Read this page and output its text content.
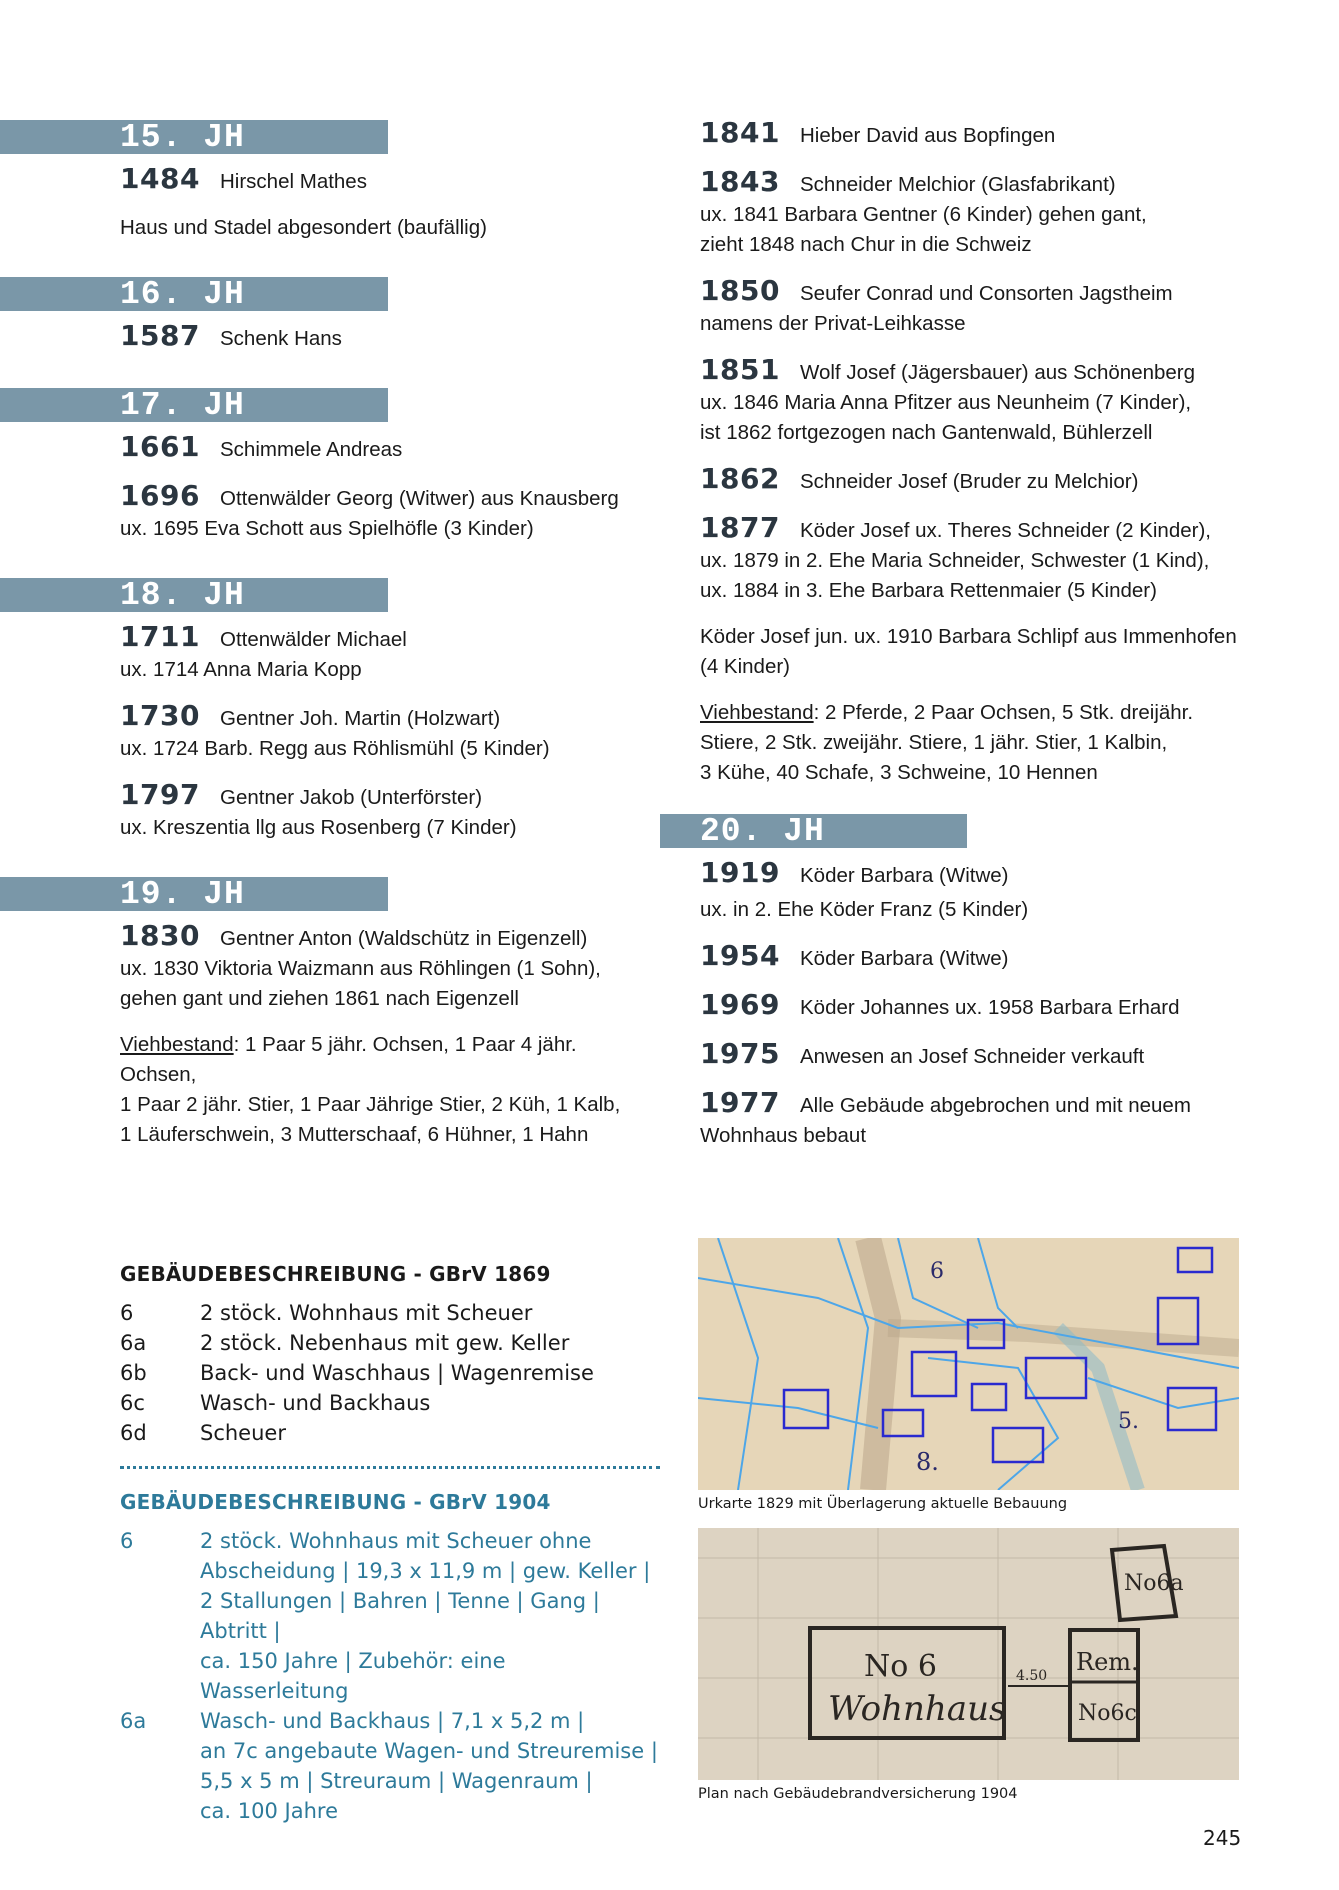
15. JH
1484 Hirschel Mathes
Haus und Stadel abgesondert (baufällig)
16. JH
1587 Schenk Hans
17. JH
1661 Schimmele Andreas
1696 Ottenwälder Georg (Witwer) aus Knausberg
ux. 1695 Eva Schott aus Spielhöfle (3 Kinder)
18. JH
1711 Ottenwälder Michael
ux. 1714 Anna Maria Kopp
1730 Gentner Joh. Martin (Holzwart)
ux. 1724 Barb. Regg aus Röhlismühl (5 Kinder)
1797 Gentner Jakob (Unterförster)
ux. Kreszentia llg aus Rosenberg (7 Kinder)
19. JH
1830 Gentner Anton (Waldschütz in Eigenzell)
ux. 1830 Viktoria Waizmann aus Röhlingen (1 Sohn),
gehen gant und ziehen 1861 nach Eigenzell
Viehbestand: 1 Paar 5 jähr. Ochsen, 1 Paar 4 jähr. Ochsen,
1 Paar 2 jähr. Stier, 1 Paar Jährige Stier, 2 Küh, 1 Kalb,
1 Läuferschwein, 3 Mutterschaaf, 6 Hühner, 1 Hahn
1841 Hieber David aus Bopfingen
1843 Schneider Melchior (Glasfabrikant)
ux. 1841 Barbara Gentner (6 Kinder) gehen gant,
zieht 1848 nach Chur in die Schweiz
1850 Seufer Conrad und Consorten Jagstheim
namens der Privat-Leihkasse
1851 Wolf Josef (Jägersbauer) aus Schönenberg
ux. 1846 Maria Anna Pfitzer aus Neunheim (7 Kinder),
ist 1862 fortgezogen nach Gantenwald, Bühlerzell
1862 Schneider Josef (Bruder zu Melchior)
1877 Köder Josef ux. Theres Schneider (2 Kinder),
ux. 1879 in 2. Ehe Maria Schneider, Schwester (1 Kind),
ux. 1884 in 3. Ehe Barbara Rettenmaier (5 Kinder)
Köder Josef jun. ux. 1910 Barbara Schlipf aus Immenhofen
(4 Kinder)
Viehbestand: 2 Pferde, 2 Paar Ochsen, 5 Stk. dreijähr.
Stiere, 2 Stk. zweijähr. Stiere, 1 jähr. Stier, 1 Kalbin,
3 Kühe, 40 Schafe, 3 Schweine, 10 Hennen
20. JH
1919 Köder Barbara (Witwe)
ux. in 2. Ehe Köder Franz (5 Kinder)
1954 Köder Barbara (Witwe)
1969 Köder Johannes ux. 1958 Barbara Erhard
1975 Anwesen an Josef Schneider verkauft
1977 Alle Gebäude abgebrochen und mit neuem
Wohnhaus bebaut
GEBÄUDEBESCHREIBUNG - GBrV 1869
6	2 stöck. Wohnhaus mit Scheuer
6a	2 stöck. Nebenhaus mit gew. Keller
6b	Back- und Waschhaus | Wagenremise
6c	Wasch- und Backhaus
6d	Scheuer
GEBÄUDEBESCHREIBUNG - GBrV 1904
6	2 stöck. Wohnhaus mit Scheuer ohne
Abscheidung | 19,3 x 11,9 m | gew. Keller |
2 Stallungen | Bahren | Tenne | Gang | Abtritt |
ca. 150 Jahre | Zubehör: eine Wasserleitung
6a	Wasch- und Backhaus | 7,1 x 5,2 m |
an 7c angebaute Wagen- und Streuremise |
5,5 x 5 m | Streuraum | Wagenraum |
ca. 100 Jahre
6
5.
8.
Urkarte 1829 mit Überlagerung aktuelle Bebauung
No 6
Wohnhaus
Rem.
No6c
No6a
4.50
Plan nach Gebäudebrandversicherung 1904
245
